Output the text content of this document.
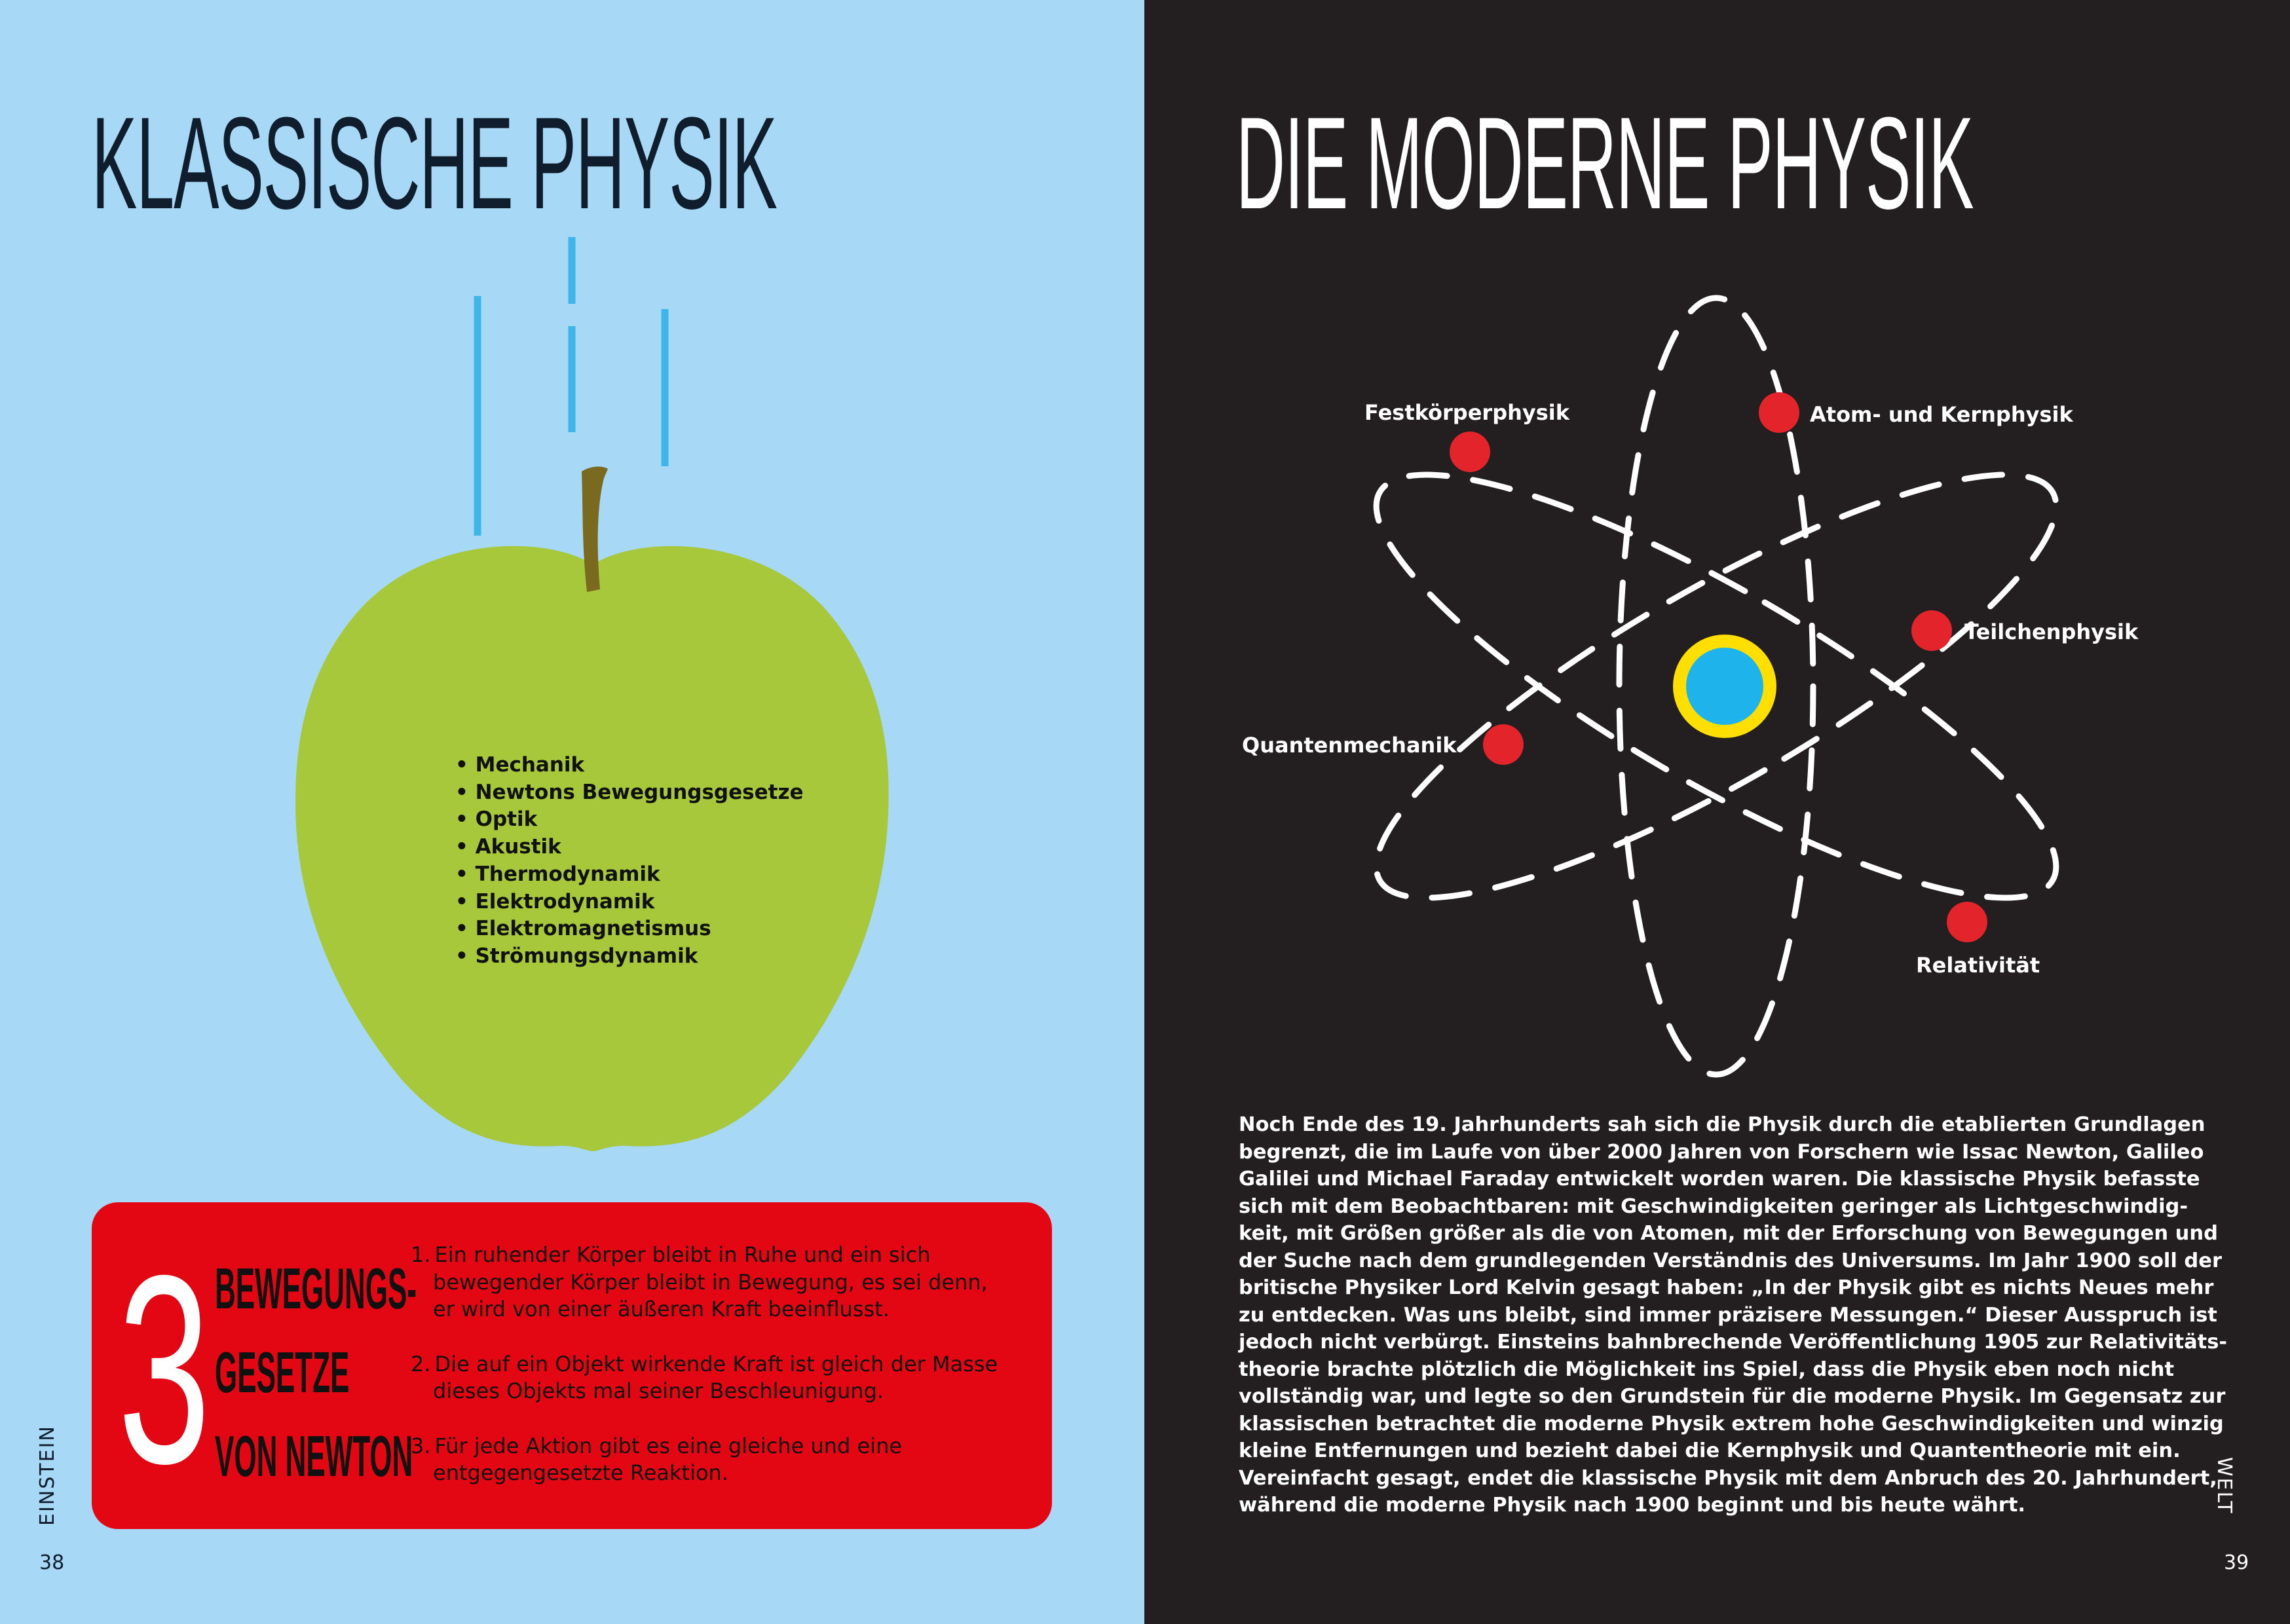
KLASSISCHE PHYSIK
• Mechanik
• Newtons Bewegungsgesetze
• Optik
• Akustik
• Thermodynamik
• Elektrodynamik
• Elektromagnetismus
• Strömungsdynamik
3 BEWEGUNGS-
GESETZE
VON NEWTON
1. Ein ruhender Körper bleibt in Ruhe und ein sich
bewegender Körper bleibt in Bewegung, es sei denn,
er wird von einer äußeren Kraft beeinflusst.
2. Die auf ein Objekt wirkende Kraft ist gleich der Masse
dieses Objekts mal seiner Beschleunigung.
3. Für jede Aktion gibt es eine gleiche und eine
entgegengesetzte Reaktion.
EINSTEIN
38
DIE MODERNE PHYSIK
Festkörperphysik	Atom- und Kernphysik
Teilchenphysik
Quantenmechanik
Relativität

Noch Ende des 19. Jahrhunderts sah sich die Physik durch die etablierten Grundlagen
begrenzt, die im Laufe von über 2000 Jahren von Forschern wie Issac Newton, Galileo
Galilei und Michael Faraday entwickelt worden waren. Die klassische Physik befasste
sich mit dem Beobachtbaren: mit Geschwindigkeiten geringer als Lichtgeschwindig-
keit, mit Größen größer als die von Atomen, mit der Erforschung von Bewegungen und
der Suche nach dem grundlegenden Verständnis des Universums. Im Jahr 1900 soll der
britische Physiker Lord Kelvin gesagt haben: „In der Physik gibt es nichts Neues mehr
zu entdecken. Was uns bleibt, sind immer präzisere Messungen.“ Dieser Ausspruch ist
jedoch nicht verbürgt. Einsteins bahnbrechende Veröffentlichung 1905 zur Relativitäts-
theorie brachte plötzlich die Möglichkeit ins Spiel, dass die Physik eben noch nicht
vollständig war, und legte so den Grundstein für die moderne Physik. Im Gegensatz zur
klassischen betrachtet die moderne Physik extrem hohe Geschwindigkeiten und winzig
kleine Entfernungen und bezieht dabei die Kernphysik und Quantentheorie mit ein.
Vereinfacht gesagt, endet die klassische Physik mit dem Anbruch des 20. Jahrhundert,
während die moderne Physik nach 1900 beginnt und bis heute währt.	WELT
39
